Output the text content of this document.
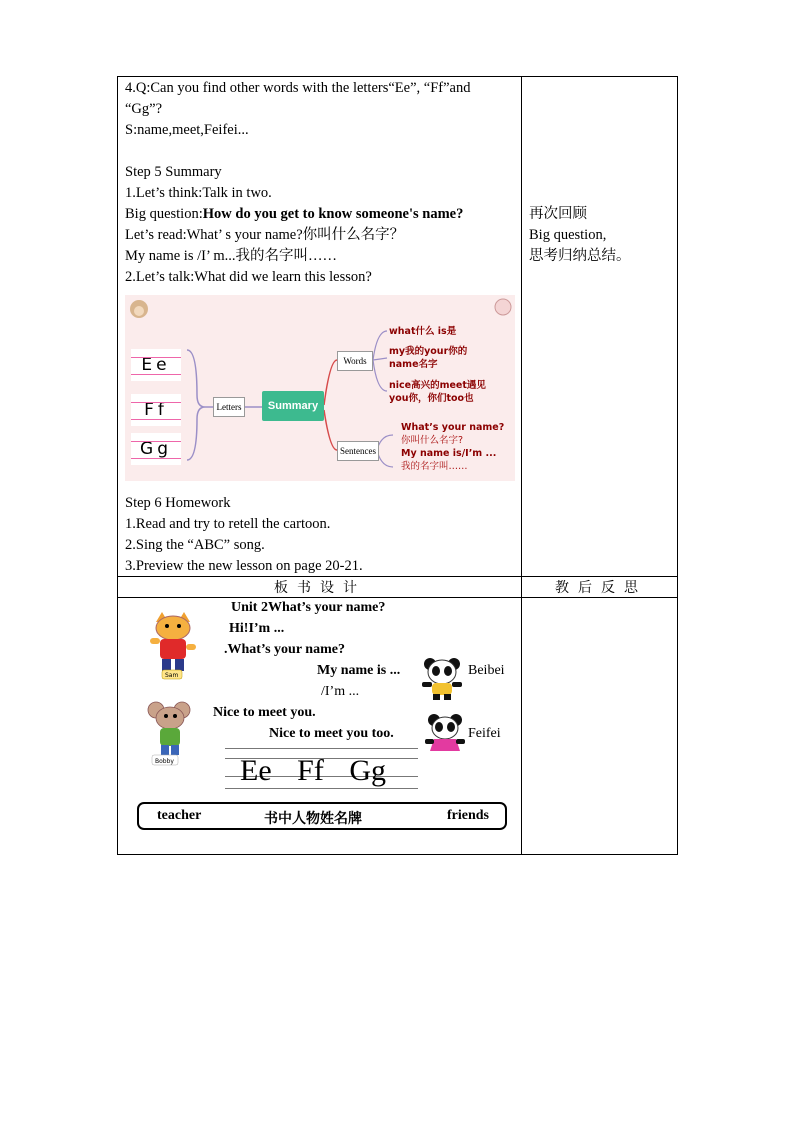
4.Q:Can you find other words with the letters“Ee”, “Ff”and
“Gg”?
S:name,meet,Feifei...
Step 5 Summary
1.Let’s think:Talk in two.
Big question:How do you get to know someone's name?
Let’s read:What’ s your name?你叫什么名字？
My name is /I’ m...我的名字叫……
2.Let’s talk:What did we learn this lesson?
Ee
Ff
Gg
Letters	Summary
Words
Sentences
what什么 is是
my我的your你的
name名字
nice高兴的meet遇见
you你，你们too也
What’s your name?
你叫什么名字?
My name is/I’m ...
我的名字叫……
Step 6 Homework
1.Read and try to retell the cartoon.
2.Sing the “ABC” song.
3.Preview the new lesson on page 20-21.
再次回顾
Big question,
思考归纳总结。
板书设计	教后反思
Unit 2What’s your name?
Hi!I’m ...
.What’s your name?
My name is ...
/I’m ...
Nice to meet you.
Nice to meet you too.
Beibei
Feifei
Sam
Bobby Ee Ff Gg
teacher	书中人物姓名牌	friends
